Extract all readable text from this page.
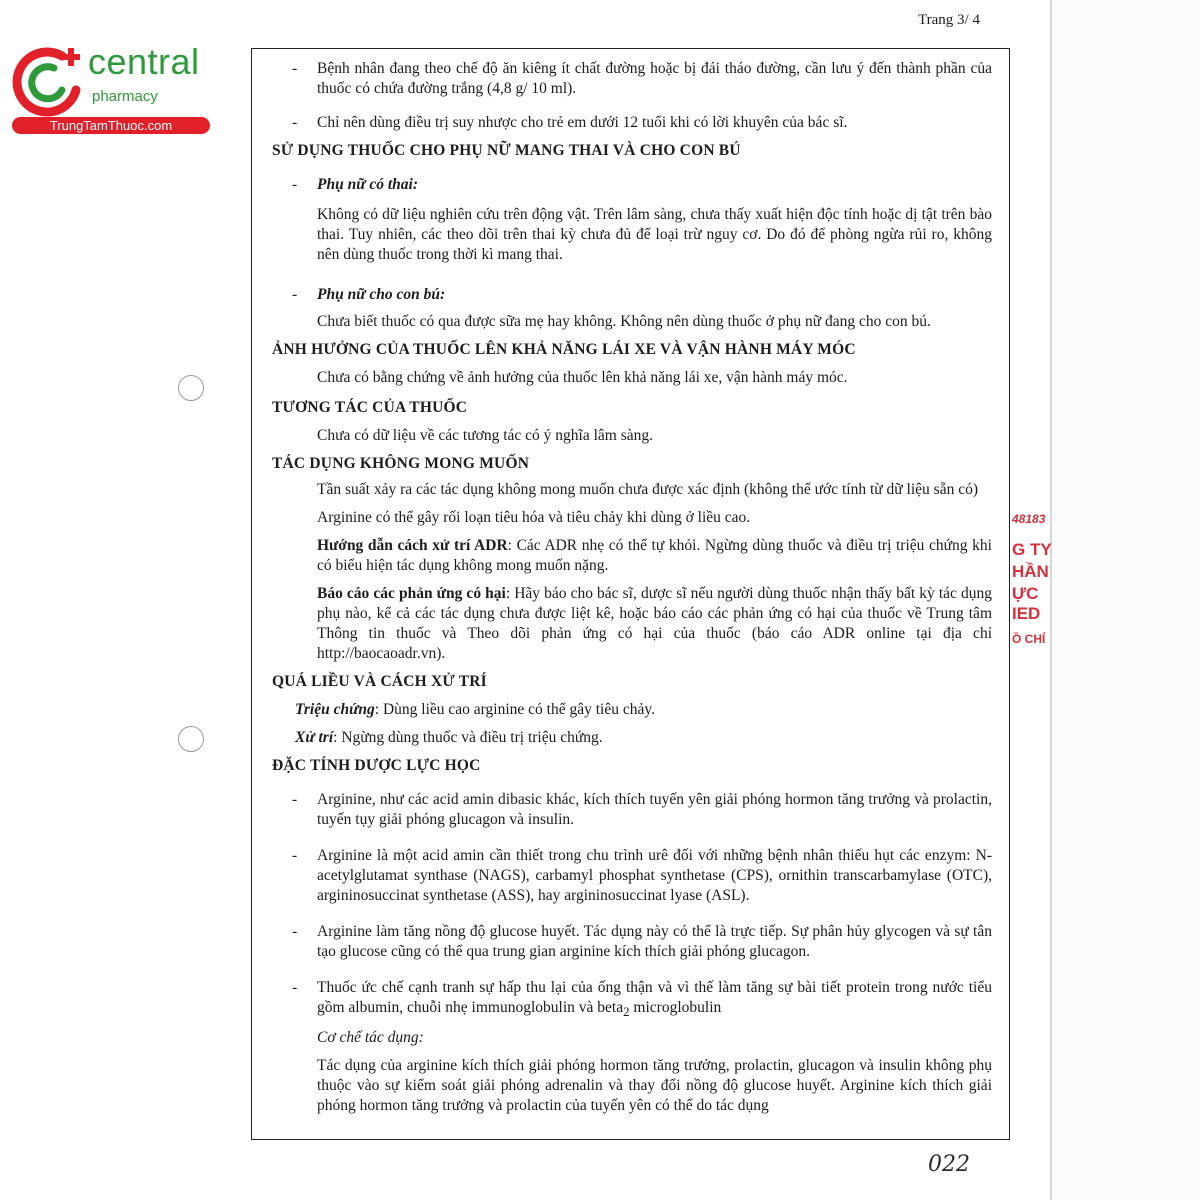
Trang 3/ 4
central
pharmacy
TrungTamThuoc.com
- Bệnh nhân đang theo chế độ ăn kiêng ít chất đường hoặc bị đái tháo đường, cần lưu ý đến thành phần của thuốc có chứa đường trắng (4,8 g/ 10 ml).
- Chỉ nên dùng điều trị suy nhược cho trẻ em dưới 12 tuổi khi có lời khuyên của bác sĩ.
SỬ DỤNG THUỐC CHO PHỤ NỮ MANG THAI VÀ CHO CON BÚ
- Phụ nữ có thai:
Không có dữ liệu nghiên cứu trên động vật. Trên lâm sàng, chưa thấy xuất hiện độc tính hoặc dị tật trên bào thai. Tuy nhiên, các theo dõi trên thai kỳ chưa đủ để loại trừ nguy cơ. Do đó để phòng ngừa rủi ro, không nên dùng thuốc trong thời kì mang thai.
- Phụ nữ cho con bú:
Chưa biết thuốc có qua được sữa mẹ hay không. Không nên dùng thuốc ở phụ nữ đang cho con bú.
ẢNH HƯỞNG CỦA THUỐC LÊN KHẢ NĂNG LÁI XE VÀ VẬN HÀNH MÁY MÓC
Chưa có bằng chứng về ảnh hưởng của thuốc lên khả năng lái xe, vận hành máy móc.
TƯƠNG TÁC CỦA THUỐC
Chưa có dữ liệu về các tương tác có ý nghĩa lâm sàng.
TÁC DỤNG KHÔNG MONG MUỐN
Tần suất xảy ra các tác dụng không mong muốn chưa được xác định (không thể ước tính từ dữ liệu sẵn có)
Arginine có thể gây rối loạn tiêu hóa và tiêu chảy khi dùng ở liều cao.
Hướng dẫn cách xử trí ADR: Các ADR nhẹ có thể tự khỏi. Ngừng dùng thuốc và điều trị triệu chứng khi có biểu hiện tác dụng không mong muốn nặng.
Báo cáo các phản ứng có hại: Hãy báo cho bác sĩ, dược sĩ nếu người dùng thuốc nhận thấy bất kỳ tác dụng phụ nào, kể cả các tác dụng chưa được liệt kê, hoặc báo cáo các phản ứng có hại của thuốc về Trung tâm Thông tin thuốc và Theo dõi phản ứng có hại của thuốc (báo cáo ADR online tại địa chỉ http://baocaoadr.vn).
QUÁ LIỀU VÀ CÁCH XỬ TRÍ
Triệu chứng: Dùng liều cao arginine có thể gây tiêu chảy.
Xử trí: Ngừng dùng thuốc và điều trị triệu chứng.
ĐẶC TÍNH DƯỢC LỰC HỌC
- Arginine, như các acid amin dibasic khác, kích thích tuyến yên giải phóng hormon tăng trưởng và prolactin, tuyến tụy giải phóng glucagon và insulin.
- Arginine là một acid amin cần thiết trong chu trình urê đối với những bệnh nhân thiếu hụt các enzym: N-acetylglutamat synthase (NAGS), carbamyl phosphat synthetase (CPS), ornithin transcarbamylase (OTC), argininosuccinat synthetase (ASS), hay argininosuccinat lyase (ASL).
- Arginine làm tăng nồng độ glucose huyết. Tác dụng này có thể là trực tiếp. Sự phân hủy glycogen và sự tân tạo glucose cũng có thể qua trung gian arginine kích thích giải phóng glucagon.
- Thuốc ức chế cạnh tranh sự hấp thu lại của ống thận và vì thế làm tăng sự bài tiết protein trong nước tiểu gồm albumin, chuỗi nhẹ immunoglobulin và beta$_2$ microglobulin
Cơ chế tác dụng:
Tác dụng của arginine kích thích giải phóng hormon tăng trưởng, prolactin, glucagon và insulin không phụ thuộc vào sự kiểm soát giải phóng adrenalin và thay đổi nồng độ glucose huyết. Arginine kích thích giải phóng hormon tăng trưởng và prolactin của tuyến yên có thể do tác dụng
48183
G TY
HẦN
ỰC
IED
Ồ CHÍ
022
